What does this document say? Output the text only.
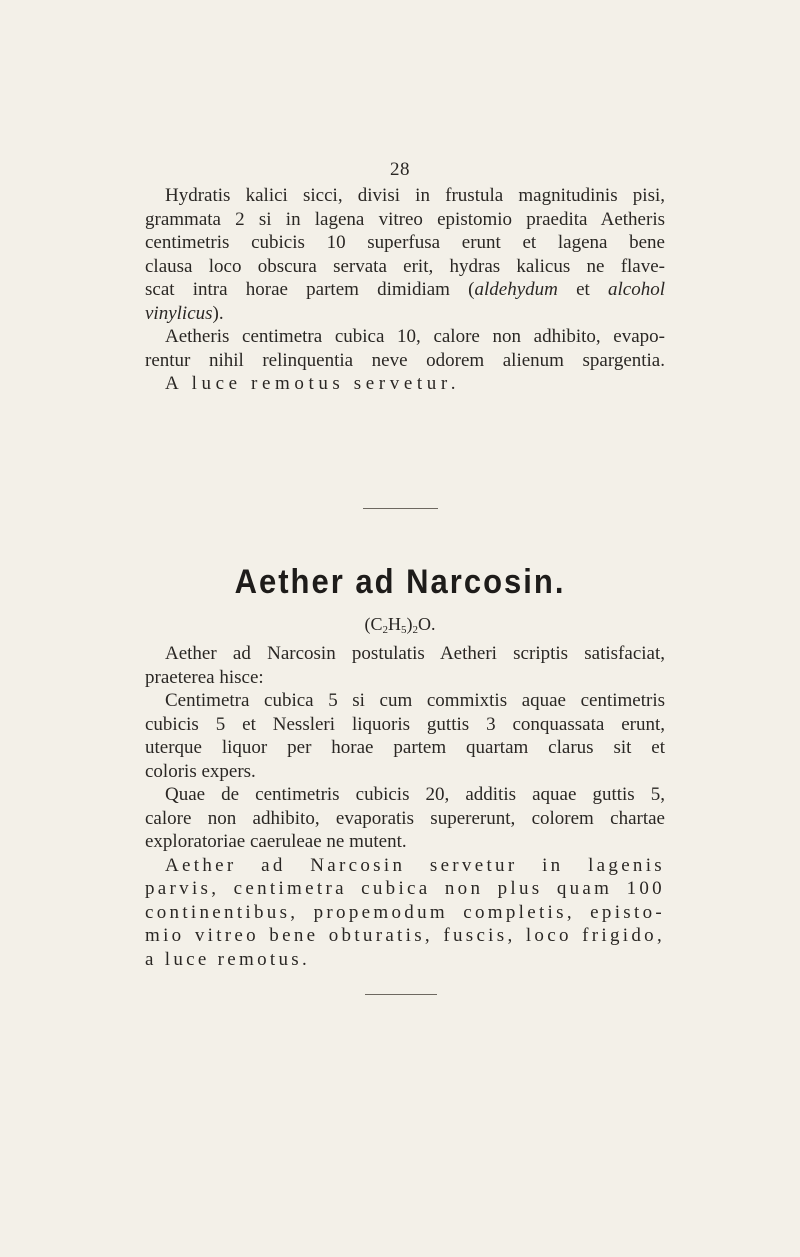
28
Hydratis kalici sicci, divisi in frustula magnitudinis pisi,
grammata 2 si in lagena vitreo epistomio praedita Aetheris
centimetris cubicis 10 superfusa erunt et lagena bene
clausa loco obscura servata erit, hydras kalicus ne flave-
scat intra horae partem dimidiam (aldehydum et alcohol
vinylicus).
Aetheris centimetra cubica 10, calore non adhibito, evapo-
rentur nihil relinquentia neve odorem alienum spargentia.
A luce remotus servetur.
Aether ad Narcosin.
$(C_2H_5)_2O$.
Aether ad Narcosin postulatis Aetheri scriptis satisfaciat,
praeterea hisce:
Centimetra cubica 5 si cum commixtis aquae centimetris
cubicis 5 et Nessleri liquoris guttis 3 conquassata erunt,
uterque liquor per horae partem quartam clarus sit et
coloris expers.
Quae de centimetris cubicis 20, additis aquae guttis 5,
calore non adhibito, evaporatis supererunt, colorem chartae
exploratoriae caeruleae ne mutent.
Aether ad Narcosin servetur in lagenis
parvis, centimetra cubica non plus quam 100
continentibus, propemodum completis, episto-
mio vitreo bene obturatis, fuscis, loco frigido,
a luce remotus.
